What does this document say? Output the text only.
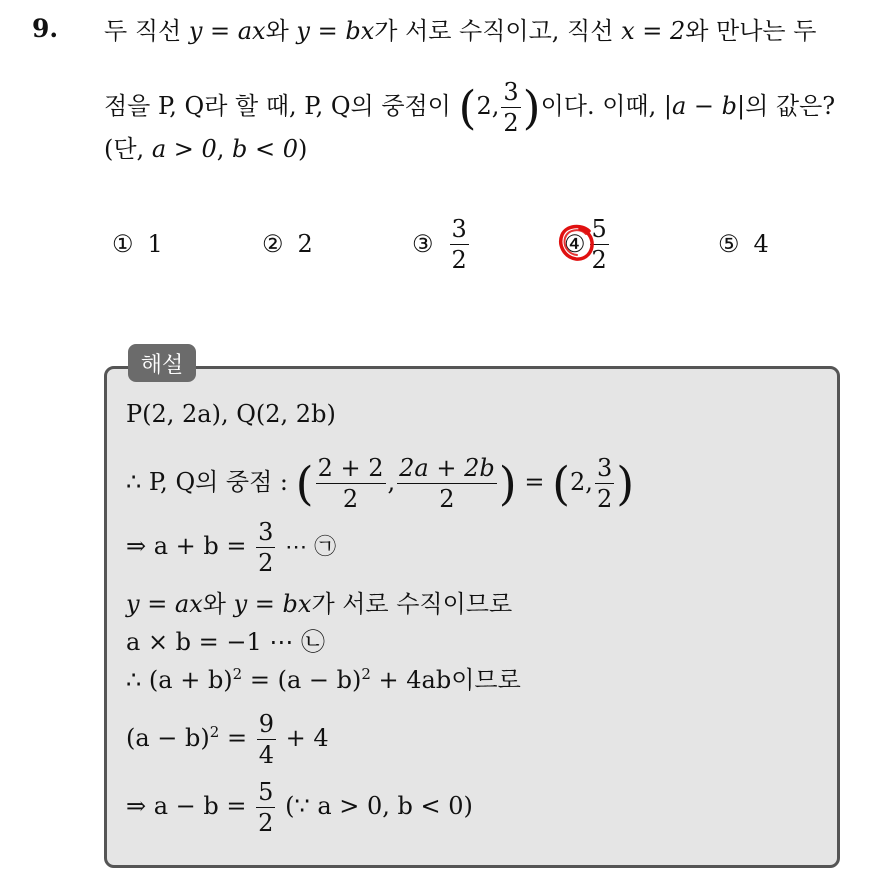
9. 두 직선 y = ax와 y = bx가 서로 수직이고, 직선 x = 2와 만나는 두
점을 P, Q라 할 때, P, Q의 중점이 (2, $\frac{3}{2}$ )이다. 이때, |a − b|의 값은?
(단, a > 0, b < 0)
① 1	② 2	③ $\frac{3}{2}$	④ $\frac{5}{2}$	⑤ 4
해설
P(2, 2a), Q(2, 2b)
∴ P, Q의 중점 : ( $\frac{2 + 2}{2}$ , $\frac{2a + 2b}{2}$ ) = (2, $\frac{3}{2}$ )
⇒ $a + b = \frac{3}{2}$ ⋯ ㉠
y = ax와 y = bx가 서로 수직이므로
a × b = −1 ⋯ ㉡
∴ $(a + b)^2 = (a - b)^2 + 4ab$이므로
$(a - b)^2 = \frac{9}{4} + 4$
⇒ $a - b = \frac{5}{2}$ (∵ a > 0, b < 0)
